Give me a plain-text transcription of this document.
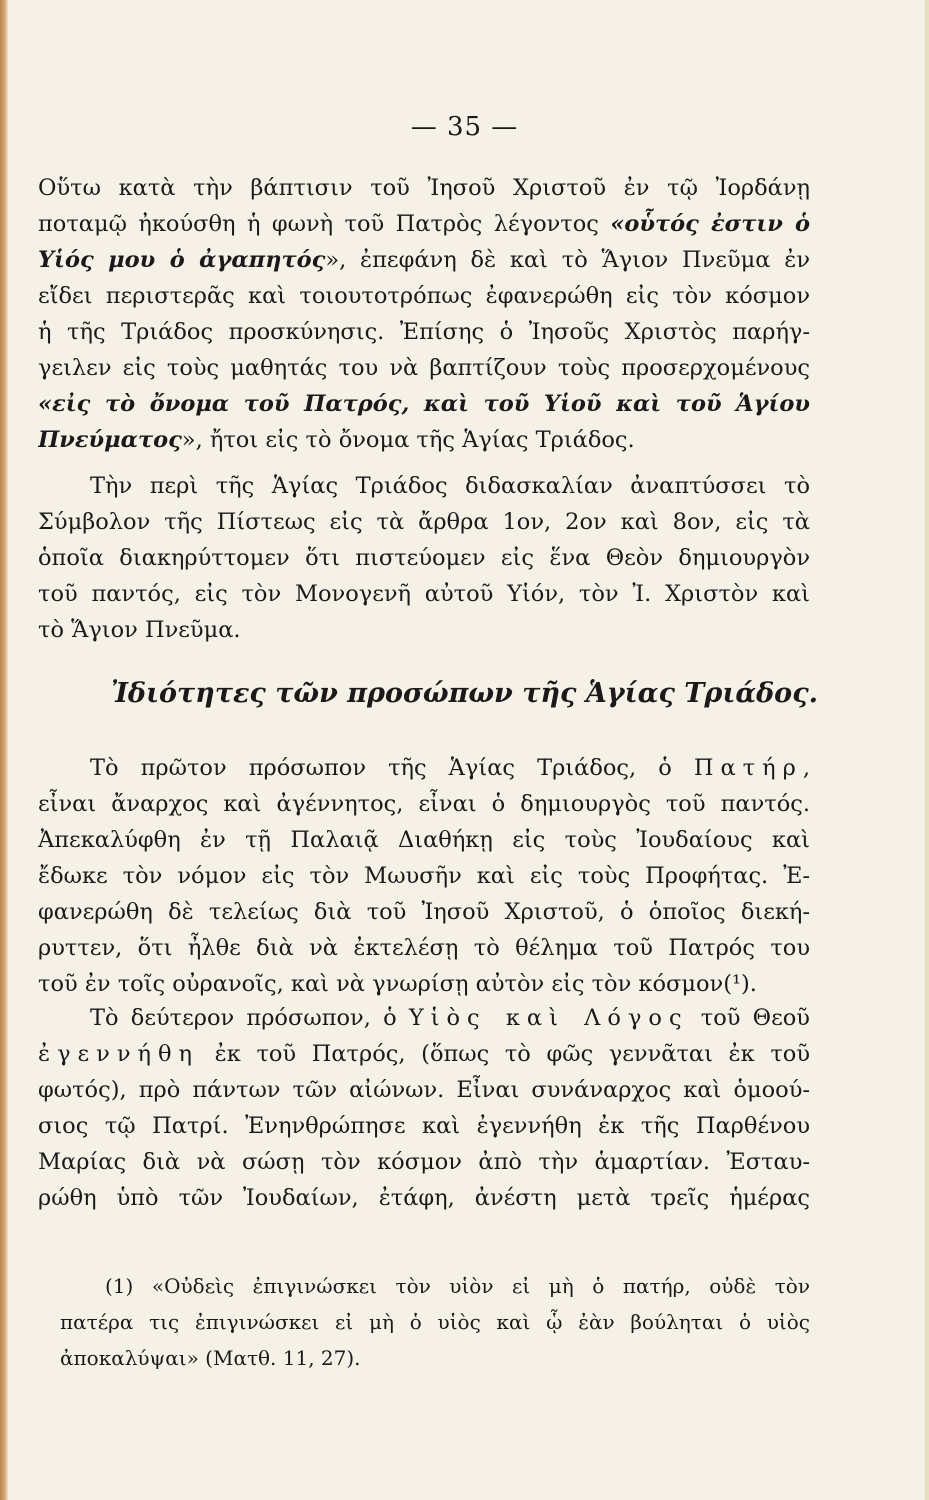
— 35 —
Οὕτω κατὰ τὴν βάπτισιν τοῦ Ἰησοῦ Χριστοῦ ἐν τῷ Ἰορδάνῃ
ποταμῷ ἠκούσθη ἡ φωνὴ τοῦ Πατρὸς λέγοντος «οὗτός ἐστιν ὁ
Υἱός μου ὁ ἀγαπητός», ἐπεφάνη δὲ καὶ τὸ Ἅγιον Πνεῦμα ἐν
εἴδει περιστερᾶς καὶ τοιουτοτρόπως ἐφανερώθη εἰς τὸν κόσμον
ἡ τῆς Τριάδος προσκύνησις. Ἐπίσης ὁ Ἰησοῦς Χριστὸς παρήγ-
γειλεν εἰς τοὺς μαθητάς του νὰ βαπτίζουν τοὺς προσερχομένους
«εἰς τὸ ὄνομα τοῦ Πατρός, καὶ τοῦ Υἱοῦ καὶ τοῦ Ἁγίου
Πνεύματος», ἤτοι εἰς τὸ ὄνομα τῆς Ἁγίας Τριάδος.
Τὴν περὶ τῆς Ἁγίας Τριάδος διδασκαλίαν ἀναπτύσσει τὸ
Σύμβολον τῆς Πίστεως εἰς τὰ ἄρθρα 1ον, 2ον καὶ 8ον, εἰς τὰ
ὁποῖα διακηρύττομεν ὅτι πιστεύομεν εἰς ἕνα Θεὸν δημιουργὸν
τοῦ παντός, εἰς τὸν Μονογενῆ αὐτοῦ Υἱόν, τὸν Ἰ. Χριστὸν καὶ
τὸ Ἅγιον Πνεῦμα.
Ἰδιότητες τῶν προσώπων τῆς Ἁγίας Τριάδος.
Τὸ πρῶτον πρόσωπον τῆς Ἁγίας Τριάδος, ὁ Πατήρ,
εἶναι ἄναρχος καὶ ἀγέννητος, εἶναι ὁ δημιουργὸς τοῦ παντός.
Ἀπεκαλύφθη ἐν τῇ Παλαιᾷ Διαθήκῃ εἰς τοὺς Ἰουδαίους καὶ
ἔδωκε τὸν νόμον εἰς τὸν Μωυσῆν καὶ εἰς τοὺς Προφήτας. Ἐ-
φανερώθη δὲ τελείως διὰ τοῦ Ἰησοῦ Χριστοῦ, ὁ ὁποῖος διεκή-
ρυττεν, ὅτι ἦλθε διὰ νὰ ἐκτελέσῃ τὸ θέλημα τοῦ Πατρός του
τοῦ ἐν τοῖς οὐρανοῖς, καὶ νὰ γνωρίσῃ αὐτὸν εἰς τὸν κόσμον(¹).
Τὸ δεύτερον πρόσωπον, ὁ Υἱὸς καὶ Λόγος τοῦ Θεοῦ
ἐγεννήθη ἐκ τοῦ Πατρός, (ὅπως τὸ φῶς γεννᾶται ἐκ τοῦ
φωτός), πρὸ πάντων τῶν αἰώνων. Εἶναι συνάναρχος καὶ ὁμοού-
σιος τῷ Πατρί. Ἐνηνθρώπησε καὶ ἐγεννήθη ἐκ τῆς Παρθένου
Μαρίας διὰ νὰ σώσῃ τὸν κόσμον ἀπὸ τὴν ἁμαρτίαν. Ἐσταυ-
ρώθη ὑπὸ τῶν Ἰουδαίων, ἐτάφη, ἀνέστη μετὰ τρεῖς ἡμέρας
(1) «Οὐδεὶς ἐπιγινώσκει τὸν υἱὸν εἰ μὴ ὁ πατήρ, οὐδὲ τὸν
πατέρα τις ἐπιγινώσκει εἰ μὴ ὁ υἱὸς καὶ ᾧ ἐὰν βούληται ὁ υἱὸς
ἀποκαλύψαι» (Ματθ. 11, 27).
